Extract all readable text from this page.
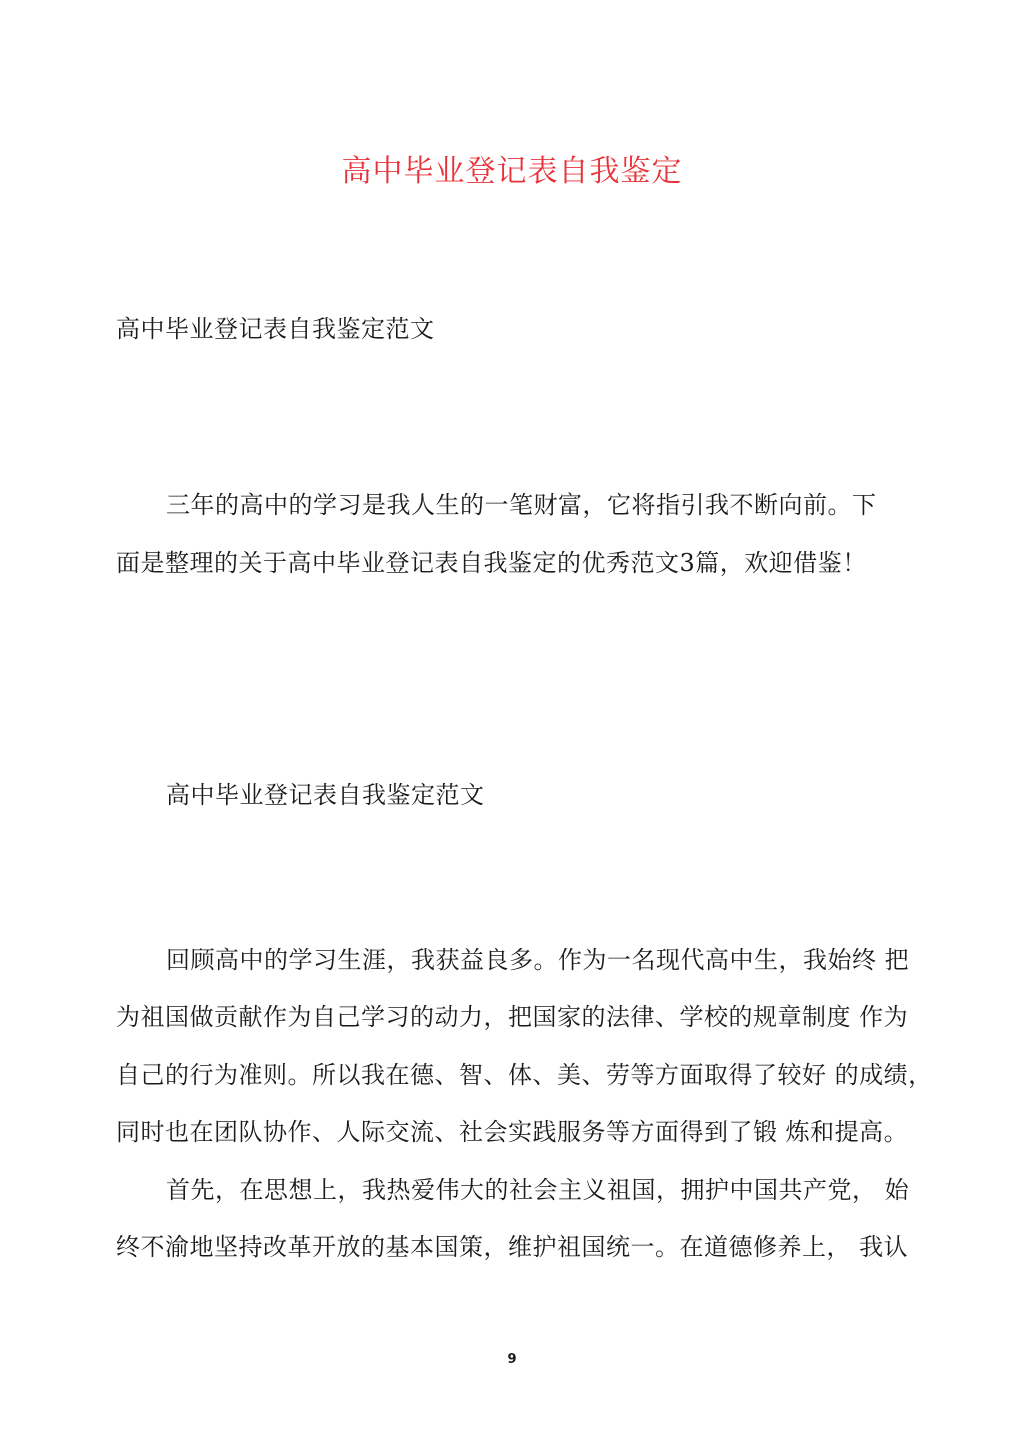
高中毕业登记表自我鉴定
高中毕业登记表自我鉴定范文
三年的高中的学习是我人生的一笔财富，它将指引我不断向前。下
面是整理的关于高中毕业登记表自我鉴定的优秀范文3篇，欢迎借鉴！
高中毕业登记表自我鉴定范文
回顾高中的学习生涯，我获益良多。作为一名现代高中生，我始终 把
为祖国做贡献作为自己学习的动力，把国家的法律、学校的规章制度 作为
自己的行为准则。所以我在德、智、体、美、劳等方面取得了较好 的成绩，
同时也在团队协作、人际交流、社会实践服务等方面得到了锻 炼和提高。
首先，在思想上，我热爱伟大的社会主义祖国，拥护中国共产党， 始
终不渝地坚持改革开放的基本国策，维护祖国统一。在道德修养上， 我认
9
